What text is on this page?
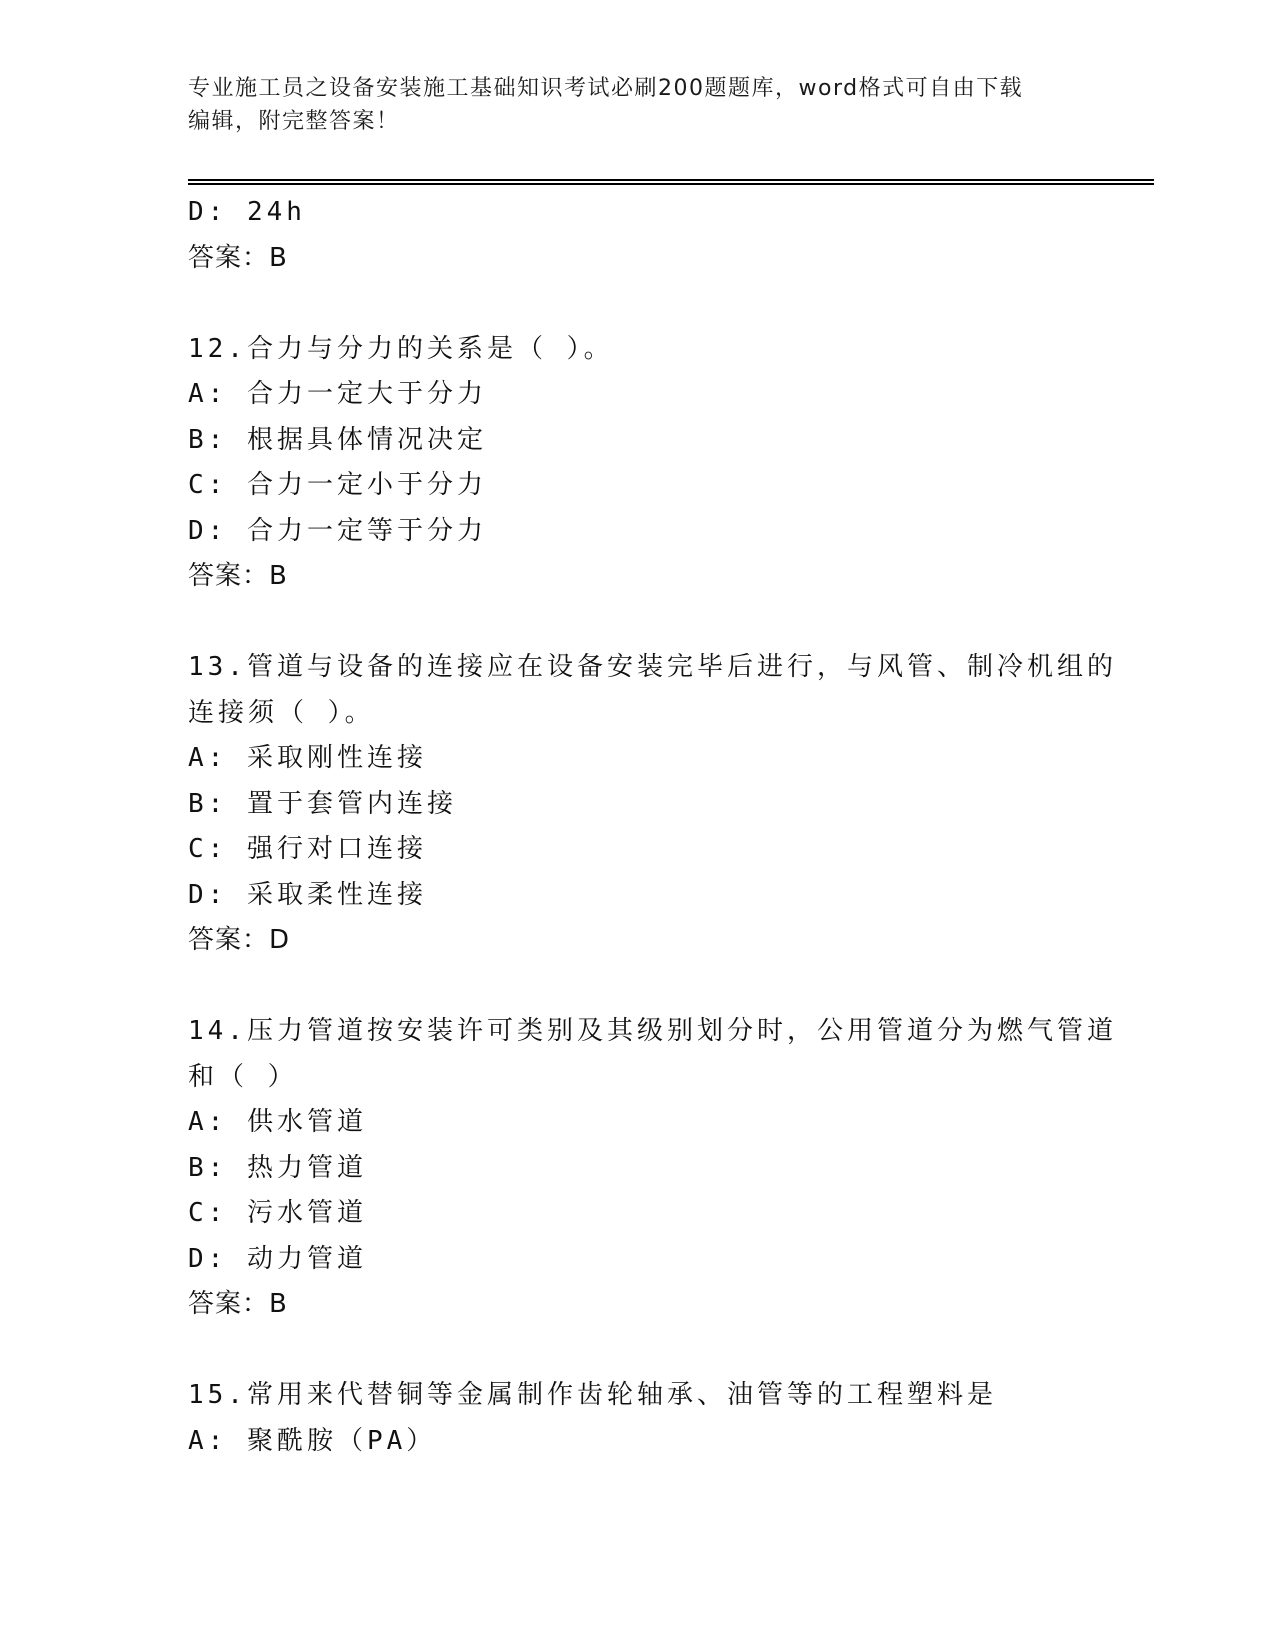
专业施工员之设备安装施工基础知识考试必刷200题题库，word格式可自由下载
编辑，附完整答案！
D: 24h
答案：B
12.合力与分力的关系是（ ）。
A: 合力一定大于分力
B: 根据具体情况决定
C: 合力一定小于分力
D: 合力一定等于分力
答案：B
13.管道与设备的连接应在设备安装完毕后进行，与风管、制冷机组的
连接须（ ）。
A: 采取刚性连接
B: 置于套管内连接
C: 强行对口连接
D: 采取柔性连接
答案：D
14.压力管道按安装许可类别及其级别划分时，公用管道分为燃气管道
和（ ）
A: 供水管道
B: 热力管道
C: 污水管道
D: 动力管道
答案：B
15.常用来代替铜等金属制作齿轮轴承、油管等的工程塑料是
A: 聚酰胺（PA）
